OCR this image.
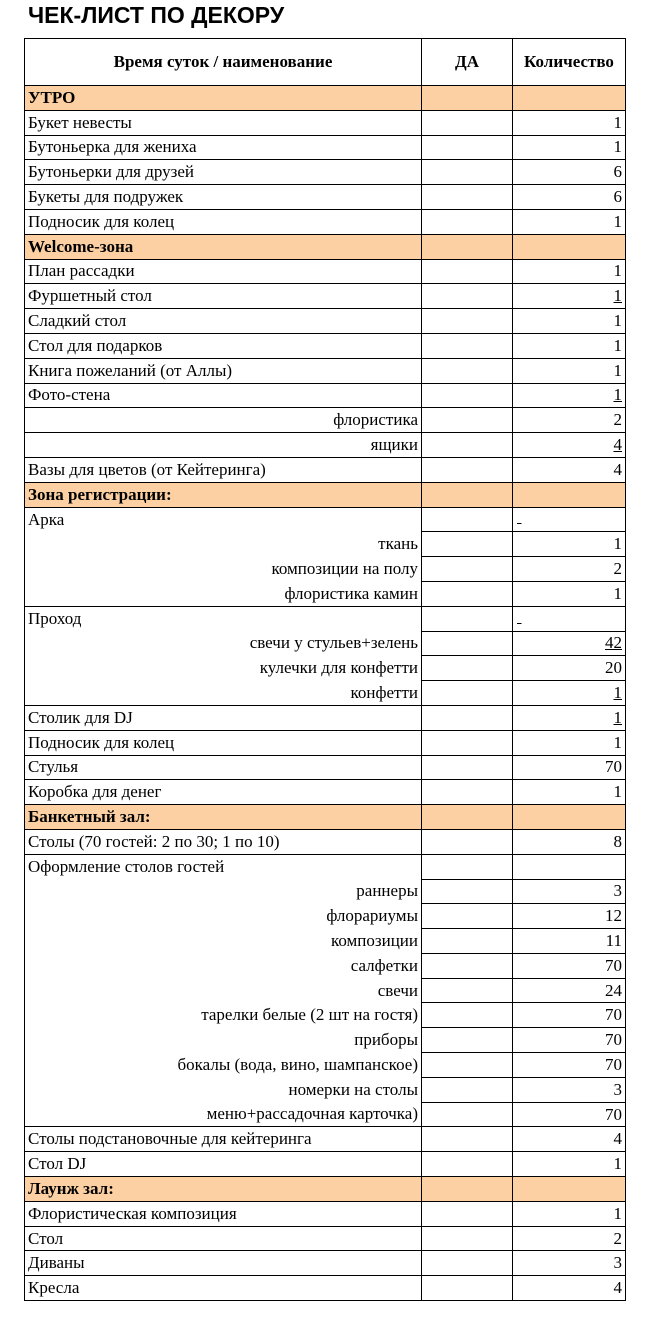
ЧЕК-ЛИСТ ПО ДЕКОРУ
Время суток / наименование	ДА	Количество
УТРО		
Букет невесты		1
Бутоньерка для жениха		1
Бутоньерки для друзей		6
Букеты для подружек		6
Подносик для колец		1
Welcome-зона		
План рассадки		1
Фуршетный стол		1
Сладкий стол		1
Стол для подарков		1
Книга пожеланий (от Аллы)		1
Фото-стена		1
флористика		2
ящики		4
Вазы для цветов (от Кейтеринга)		4
Зона регистрации:		
Арка		
ткань		1
композиции на полу		2
флористика камин		1
Проход		
свечи у стульев+зелень		42
кулечки для конфетти		20
конфетти		1
Столик для DJ		1
Подносик для колец		1
Стулья		70
Коробка для денег		1
Банкетный зал:		
Столы (70 гостей: 2 по 30; 1 по 10)		8
Оформление столов гостей		
раннеры		3
флорариумы		12
композиции		11
салфетки		70
свечи		24
тарелки белые (2 шт на гостя)		70
приборы		70
бокалы (вода, вино, шампанское)		70
номерки на столы		3
меню+рассадочная карточка)		70
Столы подстановочные для кейтеринга		4
Стол DJ		1
Лаунж зал:		
Флористическая композиция		1
Стол		2
Диваны		3
Кресла		4
